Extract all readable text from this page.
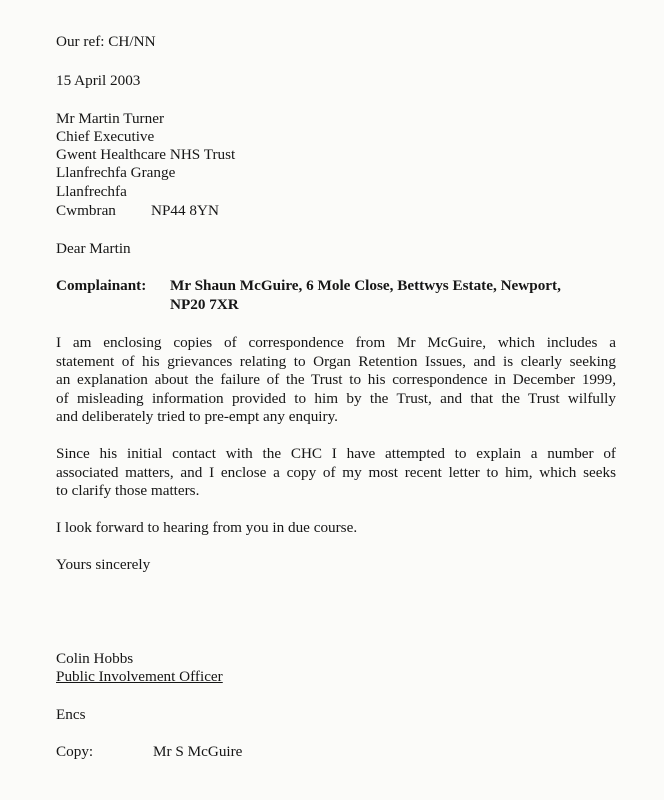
Our ref: CH/NN
15 April 2003
Mr Martin Turner
Chief Executive
Gwent Healthcare NHS Trust
Llanfrechfa Grange
Llanfrechfa
Cwmbran NP44 8YN
Dear Martin
Complainant: Mr Shaun McGuire, 6 Mole Close, Bettwys Estate, Newport,
NP20 7XR
I am enclosing copies of correspondence from Mr McGuire, which includes a
statement of his grievances relating to Organ Retention Issues, and is clearly seeking
an explanation about the failure of the Trust to his correspondence in December 1999,
of misleading information provided to him by the Trust, and that the Trust wilfully
and deliberately tried to pre-empt any enquiry.
Since his initial contact with the CHC I have attempted to explain a number of
associated matters, and I enclose a copy of my most recent letter to him, which seeks
to clarify those matters.
I look forward to hearing from you in due course.
Yours sincerely
Colin Hobbs
Public Involvement Officer
Encs
Copy:	Mr S McGuire
